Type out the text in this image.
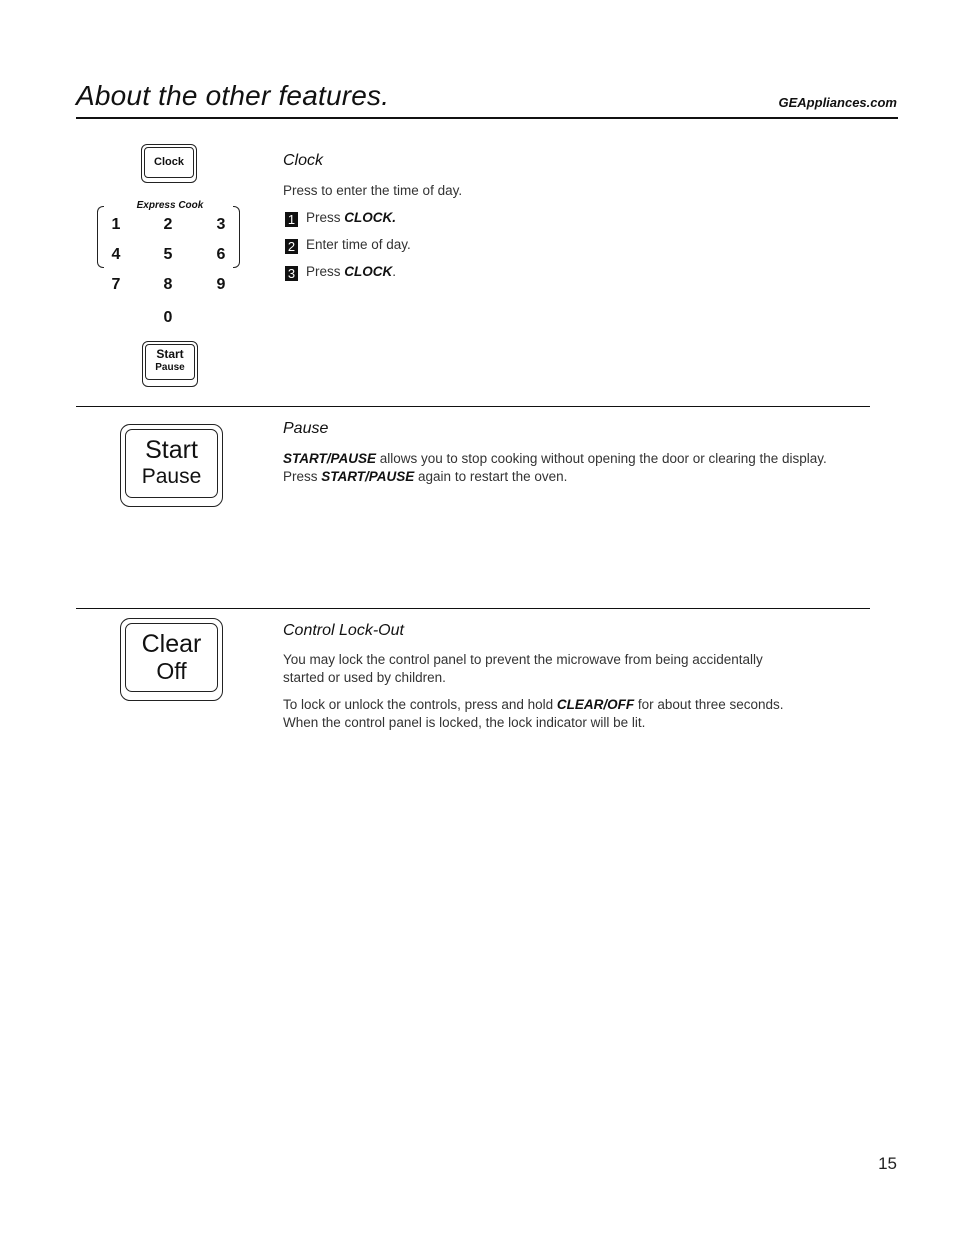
About the other features.	GEAppliances.com
Clock
Express Cook
1	2	3
4	5	6
7	8	9
0
Start
Pause
Clock
Press to enter the time of day.
1 Press CLOCK.
2 Enter time of day.
3 Press CLOCK.
Start
Pause
Pause
START/PAUSE allows you to stop cooking without opening the door or clearing the display.
Press START/PAUSE again to restart the oven.
Clear
Off
Control Lock-Out
You may lock the control panel to prevent the microwave from being accidentally started or used by children.
To lock or unlock the controls, press and hold CLEAR/OFF for about three seconds. When the control panel is locked, the lock indicator will be lit.
15
